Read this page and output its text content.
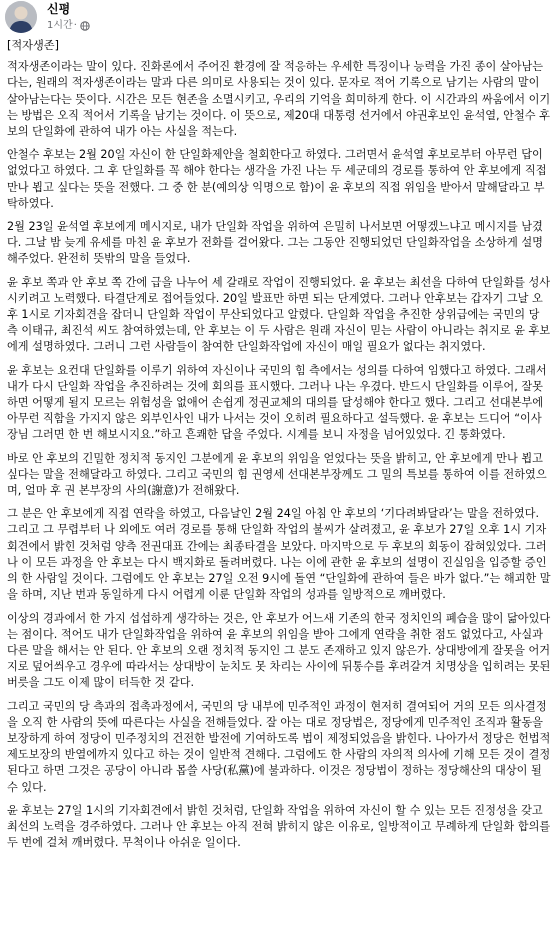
신평
1시간 ·

[적자생존]

적자생존이라는 말이 있다. 진화론에서 주어진 환경에 잘 적응하는 우세한 특징이나 능력을 가진 종이 살아남는다는, 원래의 적자생존이라는 말과 다른 의미로 사용되는 것이 있다. 문자로 적어 기록으로 남기는 사람의 말이 살아남는다는 뜻이다. 시간은 모든 현존을 소멸시키고, 우리의 기억을 희미하게 한다. 이 시간과의 싸움에서 이기는 방법은 오직 적어서 기록을 남기는 것이다. 이 뜻으로, 제20대 대통령 선거에서 야권후보인 윤석열, 안철수 후보의 단일화에 관하여 내가 아는 사실을 적는다.

안철수 후보는 2월 20일 자신이 한 단일화제안을 철회한다고 하였다. 그러면서 윤석열 후보로부터 아무런 답이 없었다고 하였다. 그 후 단일화를 꼭 해야 한다는 생각을 가진 나는 두 세군데의 경로를 통하여 안 후보에게 직접 만나 뵙고 싶다는 뜻을 전했다. 그 중 한 분(예의상 익명으로 함)이 윤 후보의 직접 위임을 받아서 말해달라고 부탁하였다.

2월 23일 윤석열 후보에게 메시지로, 내가 단일화 작업을 위하여 은밀히 나서보면 어떻겠느냐고 메시지를 남겼다. 그날 밤 늦게 유세를 마친 윤 후보가 전화를 걸어왔다. 그는 그동안 진행되었던 단일화작업을 소상하게 설명해주었다. 완전히 뜻밖의 말을 들었다.

윤 후보 쪽과 안 후보 쪽 간에 급을 나누어 세 갈래로 작업이 진행되었다. 윤 후보는 최선을 다하여 단일화를 성사시키려고 노력했다. 타결단계로 접어들었다. 20일 발표만 하면 되는 단계였다. 그러나 안후보는 갑자기 그날 오후 1시로 기자회견을 잡더니 단일화 작업이 무산되었다고 알렸다. 단일화 작업을 추진한 상위급에는 국민의 당 측 이태규, 최진석 씨도 참여하였는데, 안 후보는 이 두 사람은 원래 자신이 믿는 사람이 아니라는 취지로 윤 후보에게 설명하였다. 그러니 그런 사람들이 참여한 단일화작업에 자신이 매일 필요가 없다는 취지였다.

윤 후보는 요컨대 단일화를 이루기 위하여 자신이나 국민의 힘 측에서는 성의를 다하여 임했다고 하였다. 그래서 내가 다시 단일화 작업을 추진하려는 것에 회의를 표시했다. 그러나 나는 우겼다. 반드시 단일화를 이루어, 잘못하면 어떻게 될지 모르는 위험성을 없애어 손쉽게 정권교체의 대의를 달성해야 한다고 했다. 그리고 선대본부에 아무런 직함을 가지지 않은 외부인사인 내가 나서는 것이 오히려 필요하다고 설득했다. 윤 후보는 드디어 “이사장님 그러면 한 번 해보시지요.”하고 흔쾌한 답을 주었다. 시계를 보니 자정을 넘어있었다. 긴 통화였다.

바로 안 후보의 긴밀한 정치적 동지인 그분에게 윤 후보의 위임을 얻었다는 뜻을 밝히고, 안 후보에게 만나 뵙고 싶다는 말을 전해달라고 하였다. 그리고 국민의 힘 권영세 선대본부장께도 그 밀의 특보를 통하여 이를 전하였으며, 얼마 후 권 본부장의 사의(謝意)가 전해왔다.

그 분은 안 후보에게 직접 연락을 하였고, 다음날인 2월 24일 아침 안 후보의 ‘기다려봐달라’는 말을 전하였다. 그리고 그 무렵부터 나 외에도 여러 경로를 통해 단일화 작업의 불씨가 살려졌고, 윤 후보가 27일 오후 1시 기자회견에서 밝힌 것처럼 양측 전권대표 간에는 최종타결을 보았다. 마지막으로 두 후보의 회동이 잡혀있었다. 그러나 이 모든 과정을 안 후보는 다시 백지화로 돌려버렸다. 나는 이에 관한 윤 후보의 설명이 진실임을 입증할 증인의 한 사람일 것이다. 그럼에도 안 후보는 27일 오전 9시에 돌연 “단일화에 관하여 들은 바가 없다.”는 해괴한 말을 하며, 지난 번과 동일하게 다시 어렵게 이룬 단일화 작업의 성과를 일방적으로 깨버렸다.

이상의 경과에서 한 가지 섭섭하게 생각하는 것은, 안 후보가 어느새 기존의 한국 정치인의 폐습을 많이 닮아있다는 점이다. 적어도 내가 단일화작업을 위하여 윤 후보의 위임을 받아 그에게 연락을 취한 점도 없었다고, 사실과 다른 말을 해서는 안 된다. 안 후보의 오랜 정치적 동지인 그 분도 존재하고 있지 않은가. 상대방에게 잘못을 어거지로 덮어씌우고 경우에 따라서는 상대방이 눈치도 못 차리는 사이에 뒤통수를 후려갈겨 치명상을 입히려는 못된 버릇을 그도 이제 많이 터득한 것 같다.

그리고 국민의 당 측과의 접촉과정에서, 국민의 당 내부에 민주적인 과정이 현저히 결여되어 거의 모든 의사결정을 오직 한 사람의 뜻에 따른다는 사실을 전해들었다. 잘 아는 대로 정당법은, 정당에게 민주적인 조직과 활동을 보장하게 하여 정당이 민주정치의 건전한 발전에 기여하도록 법이 제정되었음을 밝힌다. 나아가서 정당은 헌법적 제도보장의 반열에까지 있다고 하는 것이 일반적 견해다. 그럼에도 한 사람의 자의적 의사에 기해 모든 것이 결정된다고 하면 그것은 공당이 아니라 몹쓸 사당(私黨)에 불과하다. 이것은 정당법이 정하는 정당해산의 대상이 될 수 있다.

윤 후보는 27일 1시의 기자회견에서 밝힌 것처럼, 단일화 작업을 위하여 자신이 할 수 있는 모든 진정성을 갖고 최선의 노력을 경주하였다. 그러나 안 후보는 아직 전혀 밝히지 않은 이유로, 일방적이고 무례하게 단일화 합의를 두 번에 걸쳐 깨버렸다. 무척이나 아쉬운 일이다.
